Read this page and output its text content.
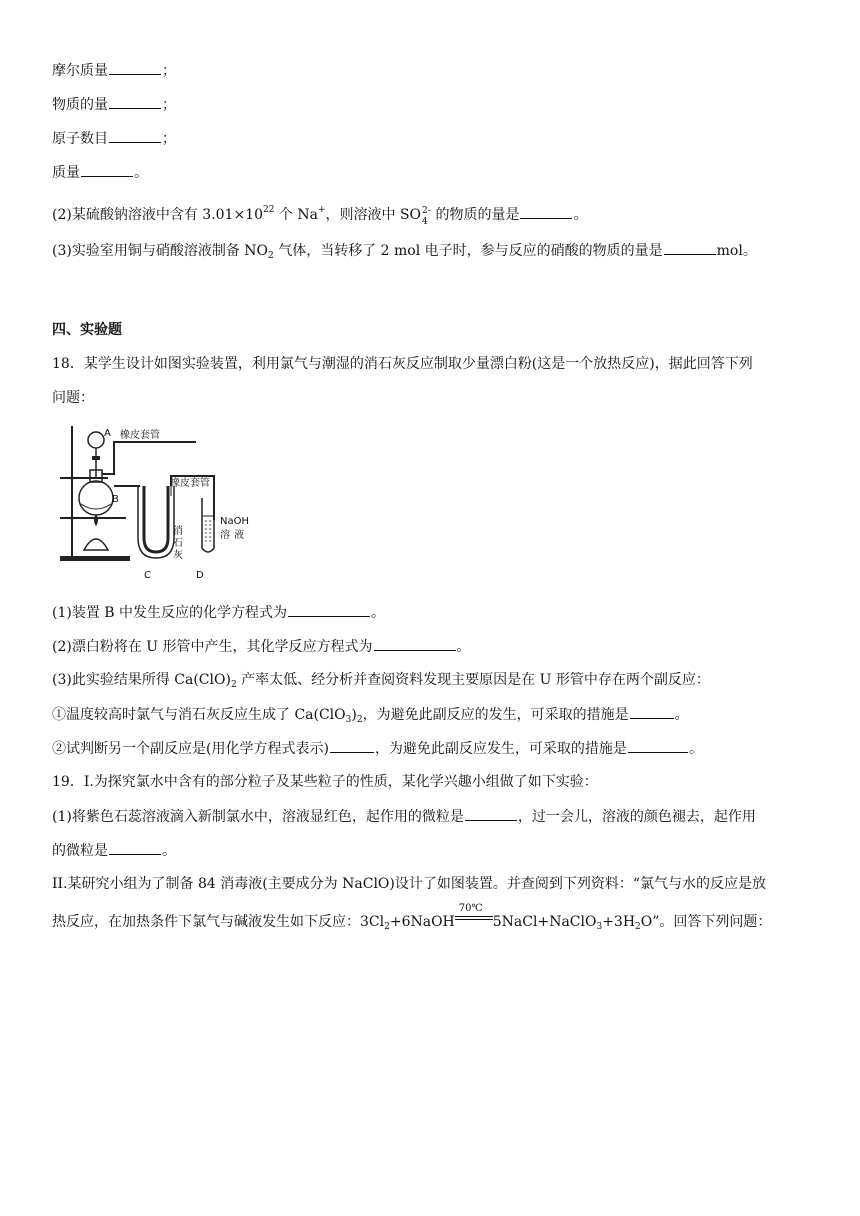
摩尔质量	；
物质的量	；
原子数目	；
质量	。
(2)某硫酸钠溶液中含有 $3.01\times 10^{22}$ 个 Na+，则溶液中 SO 2-
4 的物质的量是	。
(3)实验室用铜与硝酸溶液制备 $NO_2$ 气体，当转移了 2 mol 电子时，参与反应的硝酸的物质的量是	mol。
四、实验题
18．某学生设计如图实验装置，利用氯气与潮湿的消石灰反应制取少量漂白粉(这是一个放热反应)，据此回答下列
问题：
A
B
C	D
橡皮套管
橡皮套管
消
石
灰
NaOH
溶 液
(1)装置 B 中发生反应的化学方程式为	。
(2)漂白粉将在 U 形管中产生，其化学反应方程式为	。
(3)此实验结果所得 $Ca(ClO)_2$ 产率太低、经分析并查阅资料发现主要原因是在 U 形管中存在两个副反应：
①温度较高时氯气与消石灰反应生成了 $Ca(ClO_3)_2$，为避免此副反应的发生，可采取的措施是	。
②试判断另一个副反应是(用化学方程式表示)	，为避免此副反应发生，可采取的措施是	。
19．I.为探究氯水中含有的部分粒子及某些粒子的性质，某化学兴趣小组做了如下实验：
(1)将紫色石蕊溶液滴入新制氯水中，溶液显红色，起作用的微粒是	，过一会儿，溶液的颜色褪去，起作用
的微粒是	。
II.某研究小组为了制备 84 消毒液(主要成分为 NaClO)设计了如图装置。并查阅到下列资料：“氯气与水的反应是放
热反应，在加热条件下氯气与碱液发生如下反应：$3Cl_2+6NaOH$
70℃
$5NaCl+NaClO_3+3H_2O$”。回答下列问题：
